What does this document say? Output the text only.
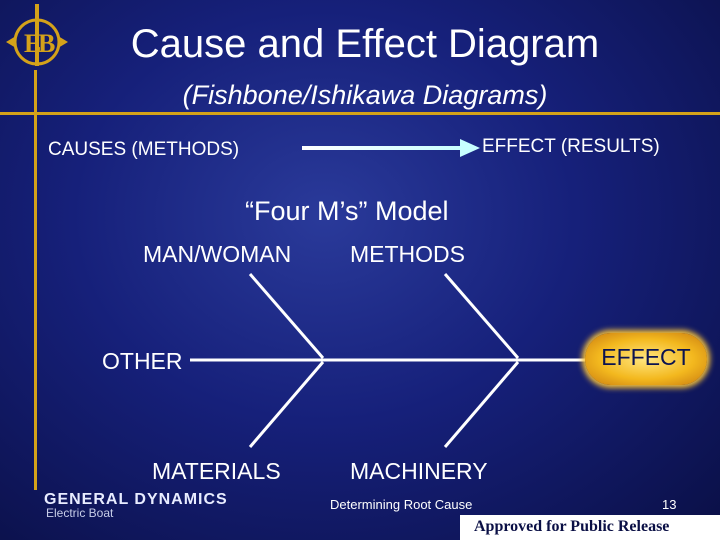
E
B	Cause and Effect Diagram
(Fishbone/Ishikawa Diagrams)
CAUSES (METHODS)	EFFECT (RESULTS)
“Four M’s” Model
MAN/WOMAN	METHODS
OTHER
MATERIALS	MACHINERY
EFFECT
GENERAL DYNAMICS
Electric Boat
Determining Root Cause	13
Approved for Public Release
